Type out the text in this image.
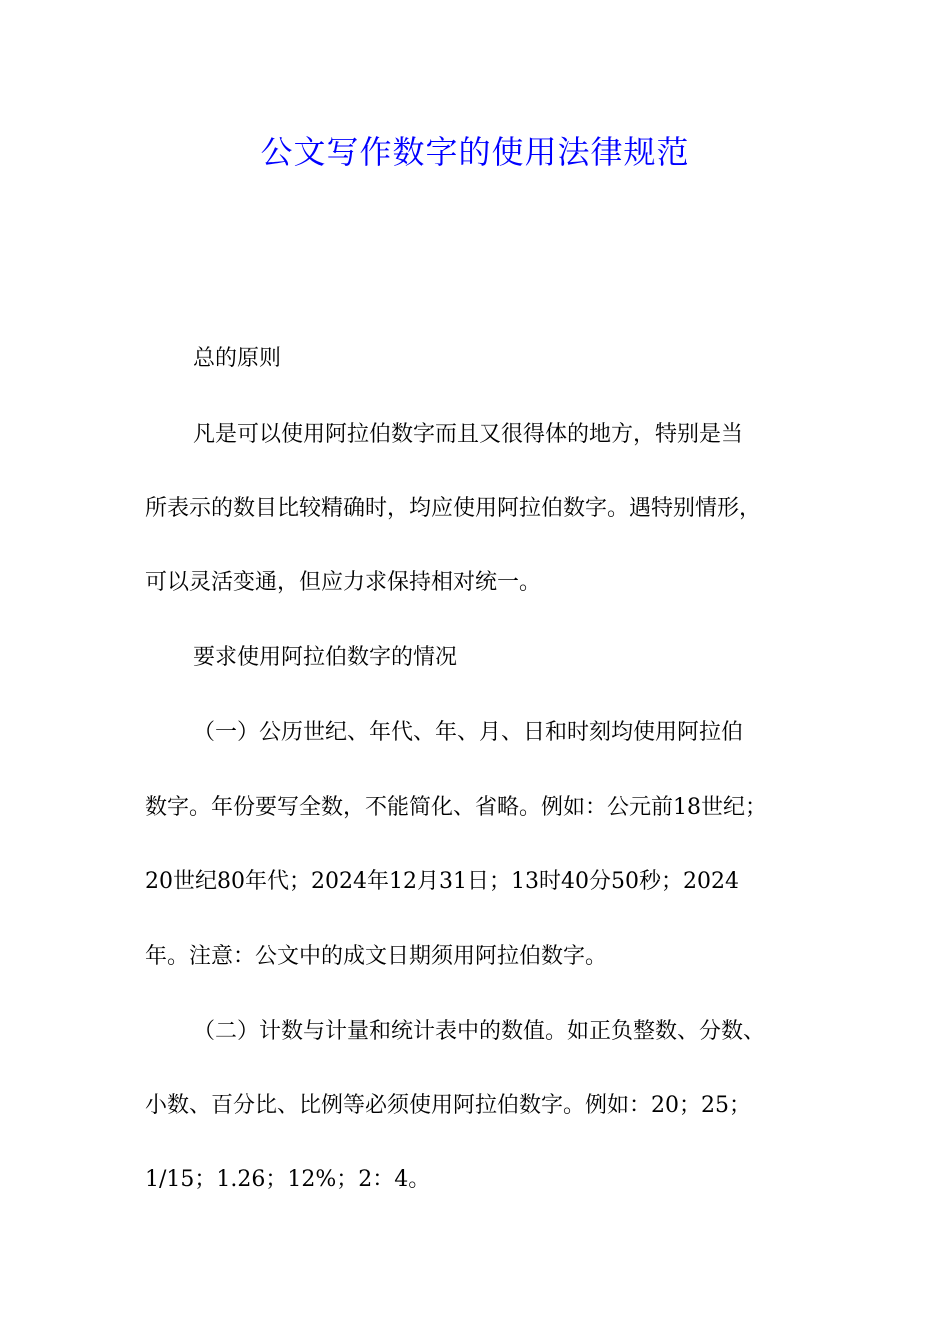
公文写作数字的使用法律规范

总的原则

凡是可以使用阿拉伯数字而且又很得体的地方，特别是当

所表示的数目比较精确时，均应使用阿拉伯数字。遇特别情形，

可以灵活变通，但应力求保持相对统一。

要求使用阿拉伯数字的情况

（一）公历世纪、年代、年、月、日和时刻均使用阿拉伯

数字。年份要写全数，不能简化、省略。例如：公元前18世纪；

20世纪80年代；2024年12月31日；13时40分50秒；2024

年。注意：公文中的成文日期须用阿拉伯数字。

（二）计数与计量和统计表中的数值。如正负整数、分数、

小数、百分比、比例等必须使用阿拉伯数字。例如：20；25；

1/15；1.26；12%；2：4。
